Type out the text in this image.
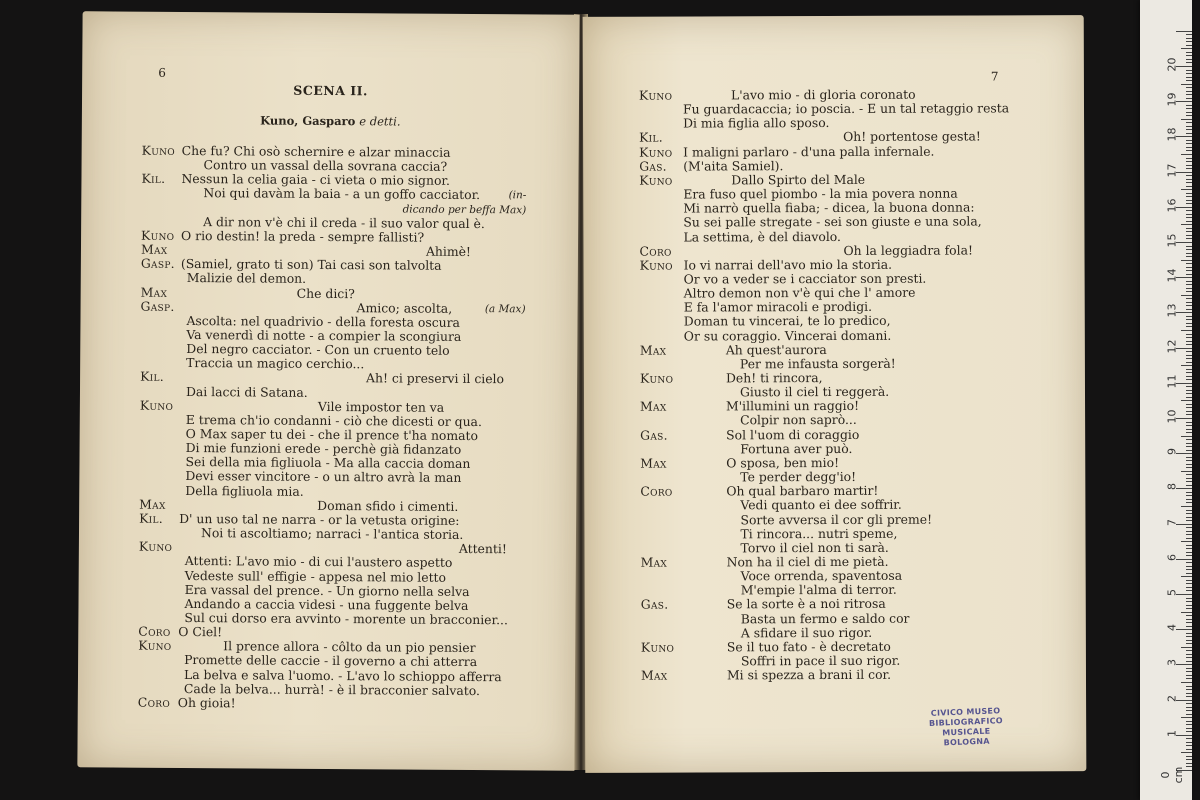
6
SCENA II.
Kuno, Gasparo e detti.
Kuno Che fu? Chi osò schernire e alzar minaccia
Contro un vassal della sovrana caccia?
Kil. Nessun la celia gaia - ci vieta o mio signor.
Noi qui davàm la baia - a un goffo cacciator.	(in-
dicando per beffa Max)
A dir non v'è chi il creda - il suo valor qual è.
Kuno O rio destin! la preda - sempre fallisti?
Max	Ahimè!
Gasp. (Samiel, grato ti son) Tai casi son talvolta
Malizie del demon.
Max	Che dici?
Gasp.	Amico; ascolta,	(a Max)
Ascolta: nel quadrivio - della foresta oscura
Va venerdì di notte - a compier la scongiura
Del negro cacciator. - Con un cruento telo
Traccia un magico cerchio...
Kil.	Ah! ci preservi il cielo
Dai lacci di Satana.
Kuno	Vile impostor ten va
E trema ch'io condanni - ciò che dicesti or qua.
O Max saper tu dei - che il prence t'ha nomato
Di mie funzioni erede - perchè già fidanzato
Sei della mia figliuola - Ma alla caccia doman
Devi esser vincitore - o un altro avrà la man
Della figliuola mia.
Max	Doman sfido i cimenti.
Kil. D' un uso tal ne narra - or la vetusta origine:
Noi ti ascoltiamo; narraci - l'antica storia.
Kuno	Attenti!
Attenti: L'avo mio - di cui l'austero aspetto
Vedeste sull' effigie - appesa nel mio letto
Era vassal del prence. - Un giorno nella selva
Andando a caccia videsi - una fuggente belva
Sul cui dorso era avvinto - morente un bracconier...
Coro O Ciel!
Kuno	Il prence allora - côlto da un pio pensier
Promette delle caccie - il governo a chi atterra
La belva e salva l'uomo. - L'avo lo schioppo afferra
Cade la belva... hurrà! - è il bracconier salvato.
Coro Oh gioia!
7
Kuno	L'avo mio - di gloria coronato
Fu guardacaccia; io poscia. - E un tal retaggio resta
Di mia figlia allo sposo.
Kil.	Oh! portentose gesta!
Kuno I maligni parlaro - d'una palla infernale.
Gas. (M'aita Samiel).
Kuno	Dallo Spirto del Male
Era fuso quel piombo - la mia povera nonna
Mi narrò quella fiaba; - dicea, la buona donna:
Su sei palle stregate - sei son giuste e una sola,
La settima, è del diavolo.
Coro	Oh la leggiadra fola!
Kuno Io vi narrai dell'avo mio la storia.
Or vo a veder se i cacciator son presti.
Altro demon non v'è qui che l' amore
E fa l'amor miracoli e prodigi.
Doman tu vincerai, te lo predico,
Or su coraggio. Vincerai domani.
Max	Ah quest'aurora
Per me infausta sorgerà!
Kuno	Deh! ti rincora,
Giusto il ciel ti reggerà.
Max	M'illumini un raggio!
Colpir non saprò...
Gas.	Sol l'uom di coraggio
Fortuna aver può.
Max	O sposa, ben mio!
Te perder degg'io!
Coro	Oh qual barbaro martir!
Vedi quanto ei dee soffrir.
Sorte avversa il cor gli preme!
Ti rincora... nutri speme,
Torvo il ciel non ti sarà.
Max	Non ha il ciel di me pietà.
Voce orrenda, spaventosa
M'empie l'alma di terror.
Gas.	Se la sorte è a noi ritrosa
Basta un fermo e saldo cor
A sfidare il suo rigor.
Kuno	Se il tuo fato - è decretato
Soffri in pace il suo rigor.
Max	Mi si spezza a brani il cor.
CIVICO MUSEO
BIBLIOGRAFICO MUSICALE
BOLOGNA
0 cm
1
2
3
4
5
6
7
8
9
10
11
12
13
14
15
16
17
18
19
20
